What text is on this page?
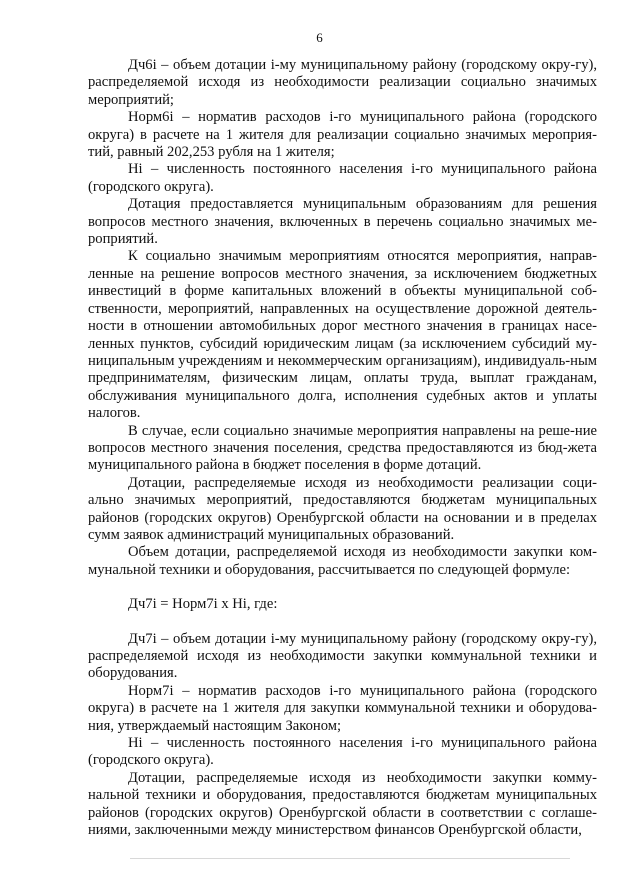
6

Дч6i – объем дотации i-му муниципальному району (городскому окру-гу), распределяемой исходя из необходимости реализации социально значимых мероприятий;

Норм6i – норматив расходов i-го муниципального района (городского округа) в расчете на 1 жителя для реализации социально значимых мероприя-тий, равный 202,253 рубля на 1 жителя;

Hi – численность постоянного населения i-го муниципального района (городского округа).

Дотация предоставляется муниципальным образованиям для решения вопросов местного значения, включенных в перечень социально значимых ме-роприятий.

К социально значимым мероприятиям относятся мероприятия, направ-ленные на решение вопросов местного значения, за исключением бюджетных инвестиций в форме капитальных вложений в объекты муниципальной соб-ственности, мероприятий, направленных на осуществление дорожной деятель-ности в отношении автомобильных дорог местного значения в границах насе-ленных пунктов, субсидий юридическим лицам (за исключением субсидий му-ниципальным учреждениям и некоммерческим организациям), индивидуаль-ным предпринимателям, физическим лицам, оплаты труда, выплат гражданам, обслуживания муниципального долга, исполнения судебных актов и уплаты налогов.

В случае, если социально значимые мероприятия направлены на реше-ние вопросов местного значения поселения, средства предоставляются из бюд-жета муниципального района в бюджет поселения в форме дотаций.

Дотации, распределяемые исходя из необходимости реализации соци-ально значимых мероприятий, предоставляются бюджетам муниципальных районов (городских округов) Оренбургской области на основании и в пределах сумм заявок администраций муниципальных образований.

Объем дотации, распределяемой исходя из необходимости закупки ком-мунальной техники и оборудования, рассчитывается по следующей формуле:

Дч7i = Норм7i х Hi, где:

Дч7i – объем дотации i-му муниципальному району (городскому окру-гу), распределяемой исходя из необходимости закупки коммунальной техники и оборудования.

Норм7i – норматив расходов i-го муниципального района (городского округа) в расчете на 1 жителя для закупки коммунальной техники и оборудова-ния, утверждаемый настоящим Законом;

Hi – численность постоянного населения i-го муниципального района (городского округа).

Дотации, распределяемые исходя из необходимости закупки комму-нальной техники и оборудования, предоставляются бюджетам муниципальных районов (городских округов) Оренбургской области в соответствии с соглаше-ниями, заключенными между министерством финансов Оренбургской области,
